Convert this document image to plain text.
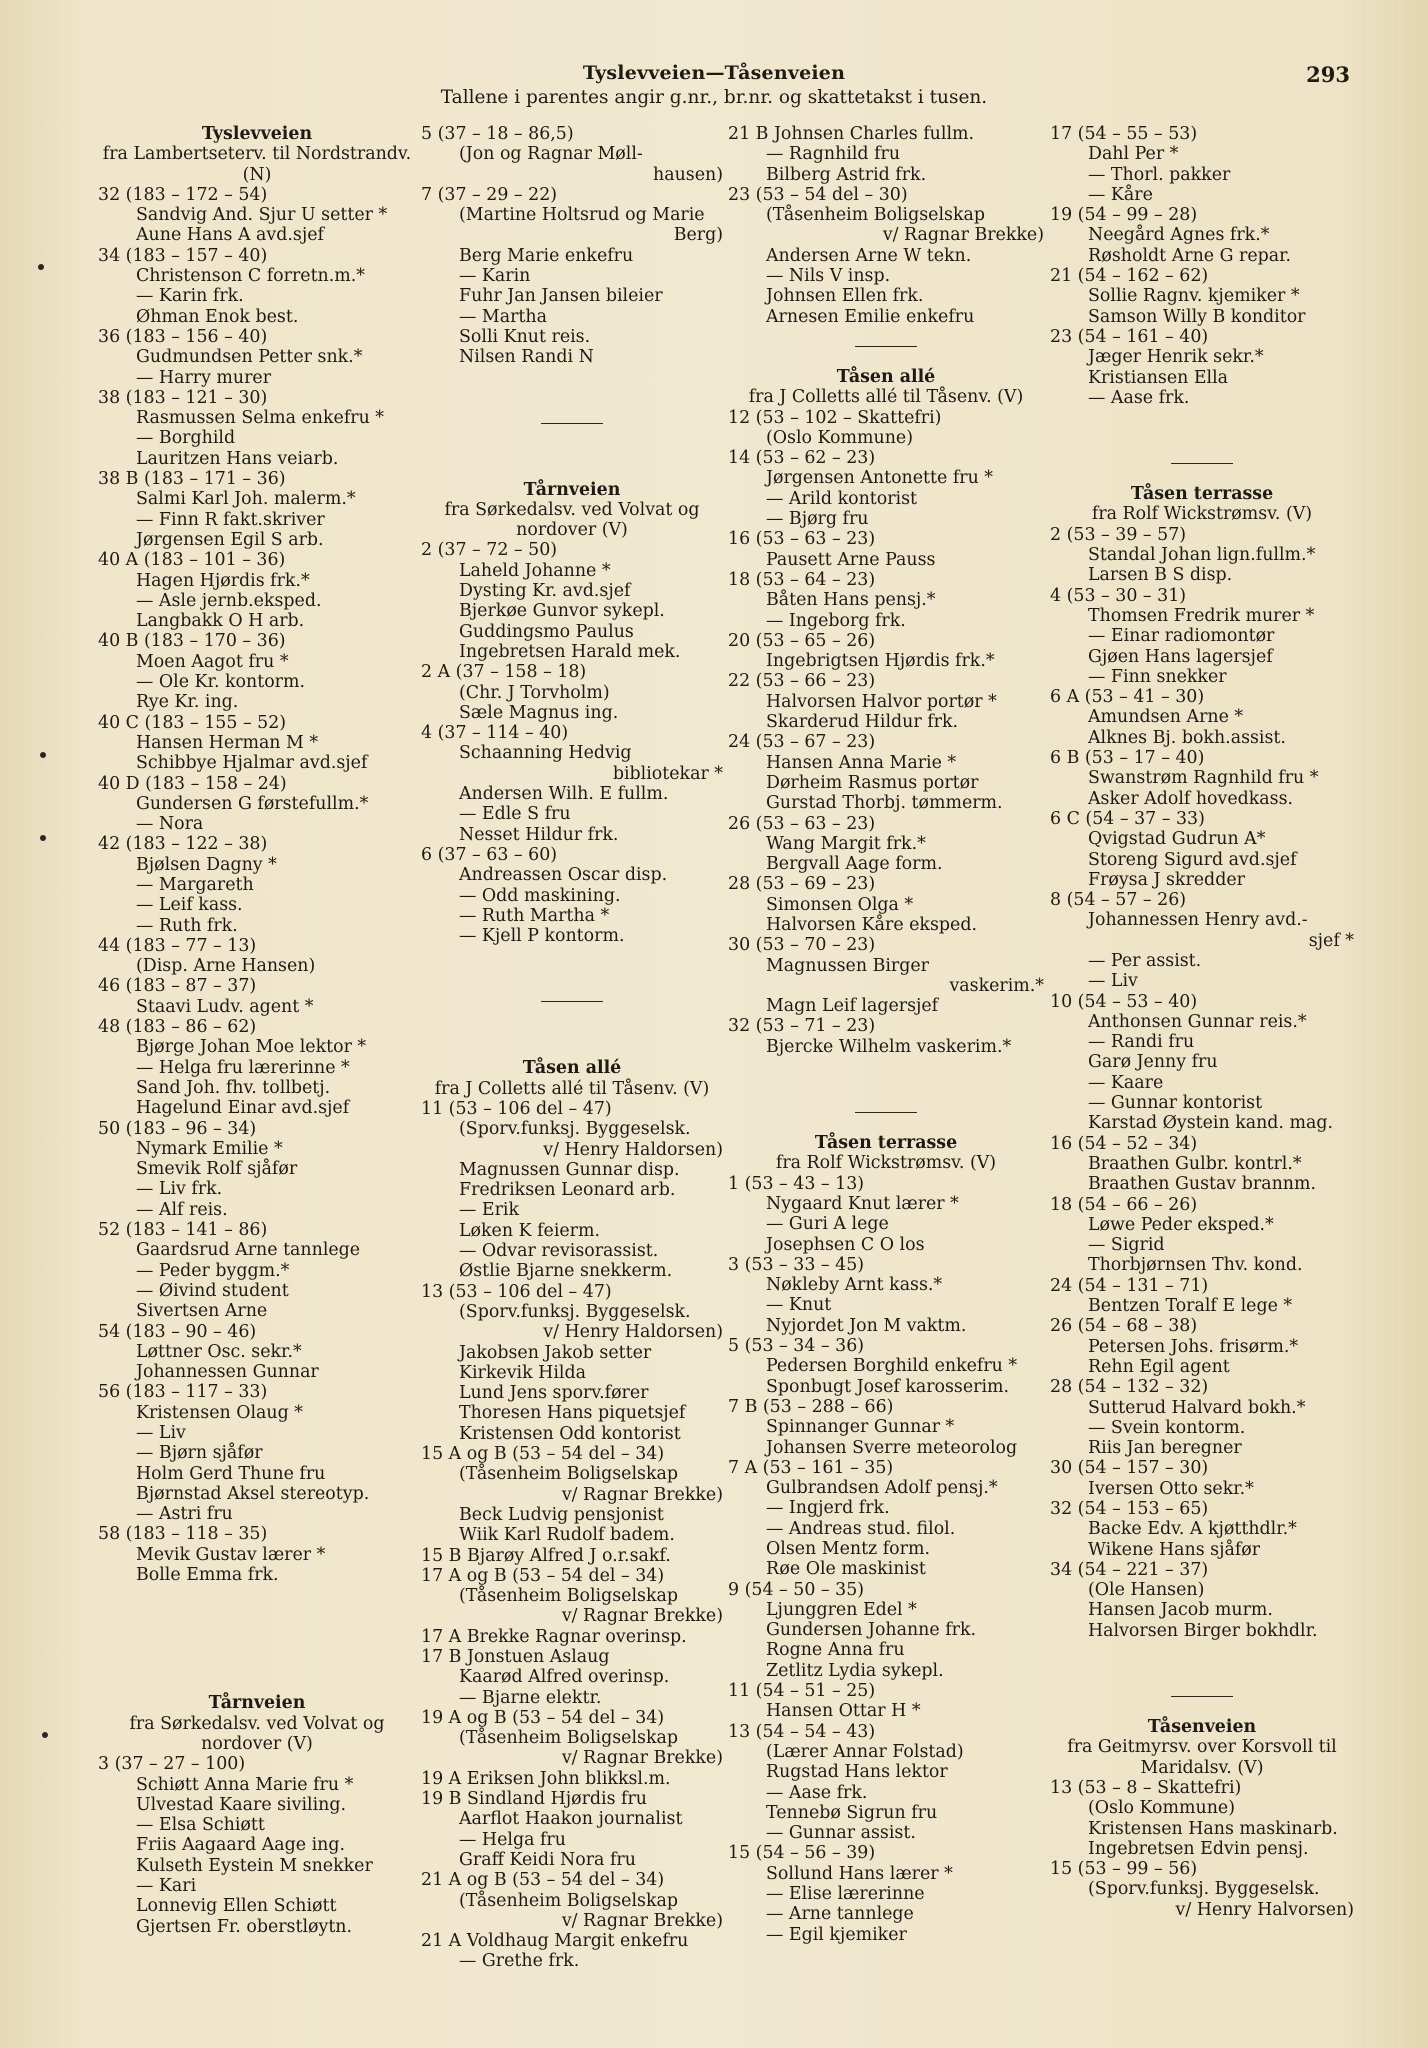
Tyslevveien—Tåsenveien
Tallene i parentes angir g.nr., br.nr. og skattetakst i tusen.
293
Tyslevveien
fra Lambertseterv. til Nordstrandv. (N)
32 (183 – 172 – 54)
Sandvig And. Sjur U setter *
Aune Hans A avd.sjef
34 (183 – 157 – 40)
Christenson C forretn.m.*
— Karin frk.
Øhman Enok best.
36 (183 – 156 – 40)
Gudmundsen Petter snk.*
— Harry murer
38 (183 – 121 – 30)
Rasmussen Selma enkefru *
— Borghild
Lauritzen Hans veiarb.
38 B (183 – 171 – 36)
Salmi Karl Joh. malerm.*
— Finn R fakt.skriver
Jørgensen Egil S arb.
40 A (183 – 101 – 36)
Hagen Hjørdis frk.*
— Asle jernb.eksped.
Langbakk O H arb.
40 B (183 – 170 – 36)
Moen Aagot fru *
— Ole Kr. kontorm.
Rye Kr. ing.
40 C (183 – 155 – 52)
Hansen Herman M *
Schibbye Hjalmar avd.sjef
40 D (183 – 158 – 24)
Gundersen G førstefullm.*
— Nora
42 (183 – 122 – 38)
Bjølsen Dagny *
— Margareth
— Leif kass.
— Ruth frk.
44 (183 – 77 – 13)
(Disp. Arne Hansen)
46 (183 – 87 – 37)
Staavi Ludv. agent *
48 (183 – 86 – 62)
Bjørge Johan Moe lektor *
— Helga fru lærerinne *
Sand Joh. fhv. tollbetj.
Hagelund Einar avd.sjef
50 (183 – 96 – 34)
Nymark Emilie *
Smevik Rolf sjåfør
— Liv frk.
— Alf reis.
52 (183 – 141 – 86)
Gaardsrud Arne tannlege
— Peder byggm.*
— Øivind student
Sivertsen Arne
54 (183 – 90 – 46)
Løttner Osc. sekr.*
Johannessen Gunnar
56 (183 – 117 – 33)
Kristensen Olaug *
— Liv
— Bjørn sjåfør
Holm Gerd Thune fru
Bjørnstad Aksel stereotyp.
— Astri fru
58 (183 – 118 – 35)
Mevik Gustav lærer *
Bolle Emma frk.
Tårnveien
fra Sørkedalsv. ved Volvat og nordover (V)
3 (37 – 27 – 100)
Schiøtt Anna Marie fru *
Ulvestad Kaare siviling.
— Elsa Schiøtt
Friis Aagaard Aage ing.
Kulseth Eystein M snekker
— Kari
Lonnevig Ellen Schiøtt
Gjertsen Fr. oberstløytn.
5 (37 – 18 – 86,5)
(Jon og Ragnar Møll-
hausen)
7 (37 – 29 – 22)
(Martine Holtsrud og Marie
Berg)
Berg Marie enkefru
— Karin
Fuhr Jan Jansen bileier
— Martha
Solli Knut reis.
Nilsen Randi N
Tårnveien
fra Sørkedalsv. ved Volvat og nordover (V)
2 (37 – 72 – 50)
Laheld Johanne *
Dysting Kr. avd.sjef
Bjerkøe Gunvor sykepl.
Guddingsmo Paulus
Ingebretsen Harald mek.
2 A (37 – 158 – 18)
(Chr. J Torvholm)
Sæle Magnus ing.
4 (37 – 114 – 40)
Schaanning Hedvig
bibliotekar *
Andersen Wilh. E fullm.
— Edle S fru
Nesset Hildur frk.
6 (37 – 63 – 60)
Andreassen Oscar disp.
— Odd maskining.
— Ruth Martha *
— Kjell P kontorm.
Tåsen allé
fra J Colletts allé til Tåsenv. (V)
11 (53 – 106 del – 47)
(Sporv.funksj. Byggeselsk.
v/ Henry Haldorsen)
Magnussen Gunnar disp.
Fredriksen Leonard arb.
— Erik
Løken K feierm.
— Odvar revisorassist.
Østlie Bjarne snekkerm.
13 (53 – 106 del – 47)
(Sporv.funksj. Byggeselsk.
v/ Henry Haldorsen)
Jakobsen Jakob setter
Kirkevik Hilda
Lund Jens sporv.fører
Thoresen Hans piquetsjef
Kristensen Odd kontorist
15 A og B (53 – 54 del – 34)
(Tåsenheim Boligselskap
v/ Ragnar Brekke)
Beck Ludvig pensjonist
Wiik Karl Rudolf badem.
15 B Bjarøy Alfred J o.r.sakf.
17 A og B (53 – 54 del – 34)
(Tåsenheim Boligselskap
v/ Ragnar Brekke)
17 A Brekke Ragnar overinsp.
17 B Jonstuen Aslaug
Kaarød Alfred overinsp.
— Bjarne elektr.
19 A og B (53 – 54 del – 34)
(Tåsenheim Boligselskap
v/ Ragnar Brekke)
19 A Eriksen John blikksl.m.
19 B Sindland Hjørdis fru
Aarflot Haakon journalist
— Helga fru
Graff Keidi Nora fru
21 A og B (53 – 54 del – 34)
(Tåsenheim Boligselskap
v/ Ragnar Brekke)
21 A Voldhaug Margit enkefru
— Grethe frk.
21 B Johnsen Charles fullm.
— Ragnhild fru
Bilberg Astrid frk.
23 (53 – 54 del – 30)
(Tåsenheim Boligselskap
v/ Ragnar Brekke)
Andersen Arne W tekn.
— Nils V insp.
Johnsen Ellen frk.
Arnesen Emilie enkefru
Tåsen allé
fra J Colletts allé til Tåsenv. (V)
12 (53 – 102 – Skattefri)
(Oslo Kommune)
14 (53 – 62 – 23)
Jørgensen Antonette fru *
— Arild kontorist
— Bjørg fru
16 (53 – 63 – 23)
Pausett Arne Pauss
18 (53 – 64 – 23)
Båten Hans pensj.*
— Ingeborg frk.
20 (53 – 65 – 26)
Ingebrigtsen Hjørdis frk.*
22 (53 – 66 – 23)
Halvorsen Halvor portør *
Skarderud Hildur frk.
24 (53 – 67 – 23)
Hansen Anna Marie *
Dørheim Rasmus portør
Gurstad Thorbj. tømmerm.
26 (53 – 63 – 23)
Wang Margit frk.*
Bergvall Aage form.
28 (53 – 69 – 23)
Simonsen Olga *
Halvorsen Kåre eksped.
30 (53 – 70 – 23)
Magnussen Birger
vaskerim.*
Magn Leif lagersjef
32 (53 – 71 – 23)
Bjercke Wilhelm vaskerim.*
Tåsen terrasse
fra Rolf Wickstrømsv. (V)
1 (53 – 43 – 13)
Nygaard Knut lærer *
— Guri A lege
Josephsen C O los
3 (53 – 33 – 45)
Nøkleby Arnt kass.*
— Knut
Nyjordet Jon M vaktm.
5 (53 – 34 – 36)
Pedersen Borghild enkefru *
Sponbugt Josef karosserim.
7 B (53 – 288 – 66)
Spinnanger Gunnar *
Johansen Sverre meteorolog
7 A (53 – 161 – 35)
Gulbrandsen Adolf pensj.*
— Ingjerd frk.
— Andreas stud. filol.
Olsen Mentz form.
Røe Ole maskinist
9 (54 – 50 – 35)
Ljunggren Edel *
Gundersen Johanne frk.
Rogne Anna fru
Zetlitz Lydia sykepl.
11 (54 – 51 – 25)
Hansen Ottar H *
13 (54 – 54 – 43)
(Lærer Annar Folstad)
Rugstad Hans lektor
— Aase frk.
Tennebø Sigrun fru
— Gunnar assist.
15 (54 – 56 – 39)
Sollund Hans lærer *
— Elise lærerinne
— Arne tannlege
— Egil kjemiker
17 (54 – 55 – 53)
Dahl Per *
— Thorl. pakker
— Kåre
19 (54 – 99 – 28)
Neegård Agnes frk.*
Røsholdt Arne G repar.
21 (54 – 162 – 62)
Sollie Ragnv. kjemiker *
Samson Willy B konditor
23 (54 – 161 – 40)
Jæger Henrik sekr.*
Kristiansen Ella
— Aase frk.
Tåsen terrasse
fra Rolf Wickstrømsv. (V)
2 (53 – 39 – 57)
Standal Johan lign.fullm.*
Larsen B S disp.
4 (53 – 30 – 31)
Thomsen Fredrik murer *
— Einar radiomontør
Gjøen Hans lagersjef
— Finn snekker
6 A (53 – 41 – 30)
Amundsen Arne *
Alknes Bj. bokh.assist.
6 B (53 – 17 – 40)
Swanstrøm Ragnhild fru *
Asker Adolf hovedkass.
6 C (54 – 37 – 33)
Qvigstad Gudrun A*
Storeng Sigurd avd.sjef
Frøysa J skredder
8 (54 – 57 – 26)
Johannessen Henry avd.-
sjef *
— Per assist.
— Liv
10 (54 – 53 – 40)
Anthonsen Gunnar reis.*
— Randi fru
Garø Jenny fru
— Kaare
— Gunnar kontorist
Karstad Øystein kand. mag.
16 (54 – 52 – 34)
Braathen Gulbr. kontrl.*
Braathen Gustav brannm.
18 (54 – 66 – 26)
Løwe Peder eksped.*
— Sigrid
Thorbjørnsen Thv. kond.
24 (54 – 131 – 71)
Bentzen Toralf E lege *
26 (54 – 68 – 38)
Petersen Johs. frisørm.*
Rehn Egil agent
28 (54 – 132 – 32)
Sutterud Halvard bokh.*
— Svein kontorm.
Riis Jan beregner
30 (54 – 157 – 30)
Iversen Otto sekr.*
32 (54 – 153 – 65)
Backe Edv. A kjøtthdlr.*
Wikene Hans sjåfør
34 (54 – 221 – 37)
(Ole Hansen)
Hansen Jacob murm.
Halvorsen Birger bokhdlr.
Tåsenveien
fra Geitmyrsv. over Korsvoll til Maridalsv. (V)
13 (53 – 8 – Skattefri)
(Oslo Kommune)
Kristensen Hans maskinarb.
Ingebretsen Edvin pensj.
15 (53 – 99 – 56)
(Sporv.funksj. Byggeselsk.
v/ Henry Halvorsen)
